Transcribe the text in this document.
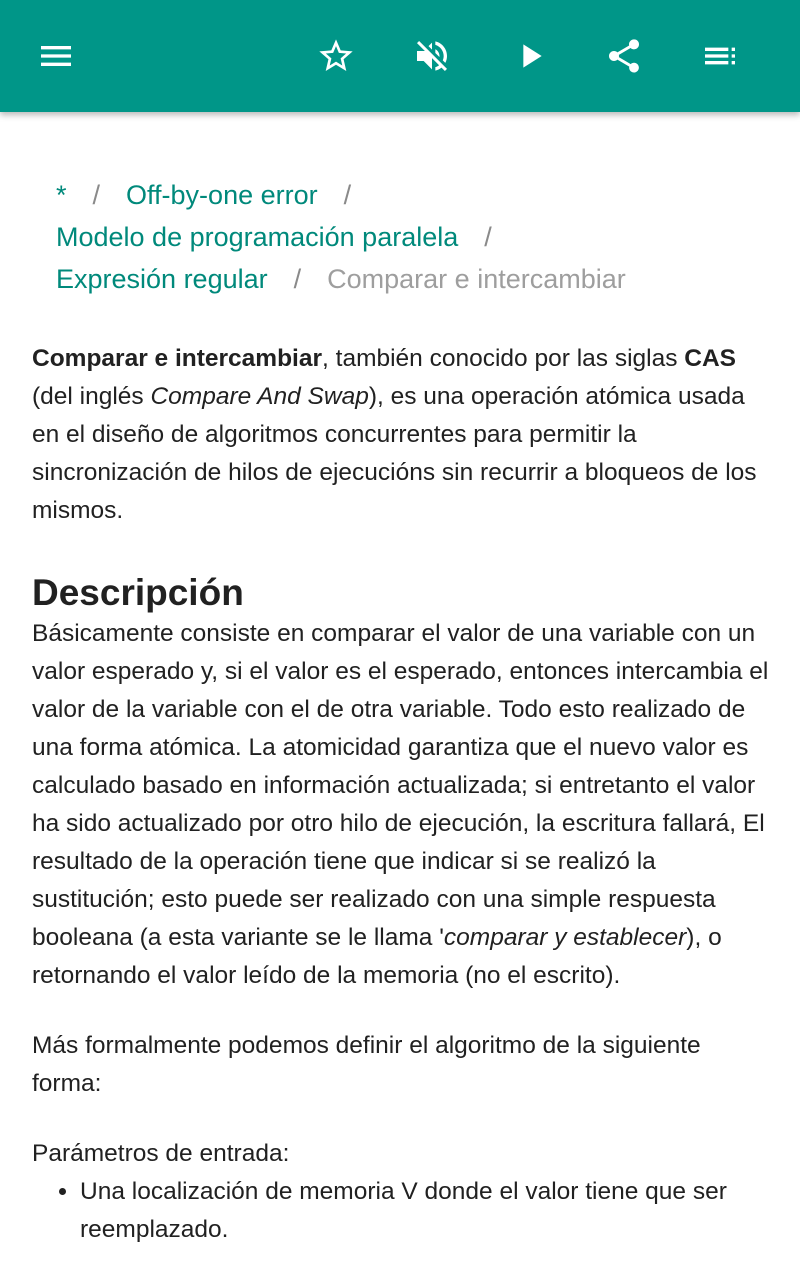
* / Off-by-one error /
Modelo de programación paralela /
Expresión regular / Comparar e intercambiar

Comparar e intercambiar, también conocido por las siglas CAS (del inglés Compare And Swap), es una operación atómica usada en el diseño de algoritmos concurrentes para permitir la sincronización de hilos de ejecucións sin recurrir a bloqueos de los mismos.

Descripción

Básicamente consiste en comparar el valor de una variable con un valor esperado y, si el valor es el esperado, entonces intercambia el valor de la variable con el de otra variable. Todo esto realizado de una forma atómica. La atomicidad garantiza que el nuevo valor es calculado basado en información actualizada; si entretanto el valor ha sido actualizado por otro hilo de ejecución, la escritura fallará, El resultado de la operación tiene que indicar si se realizó la sustitución; esto puede ser realizado con una simple respuesta booleana (a esta variante se le llama 'comparar y establecer), o retornando el valor leído de la memoria (no el escrito).

Más formalmente podemos definir el algoritmo de la siguiente forma:

Parámetros de entrada:

• Una localización de memoria V donde el valor tiene que ser reemplazado.
